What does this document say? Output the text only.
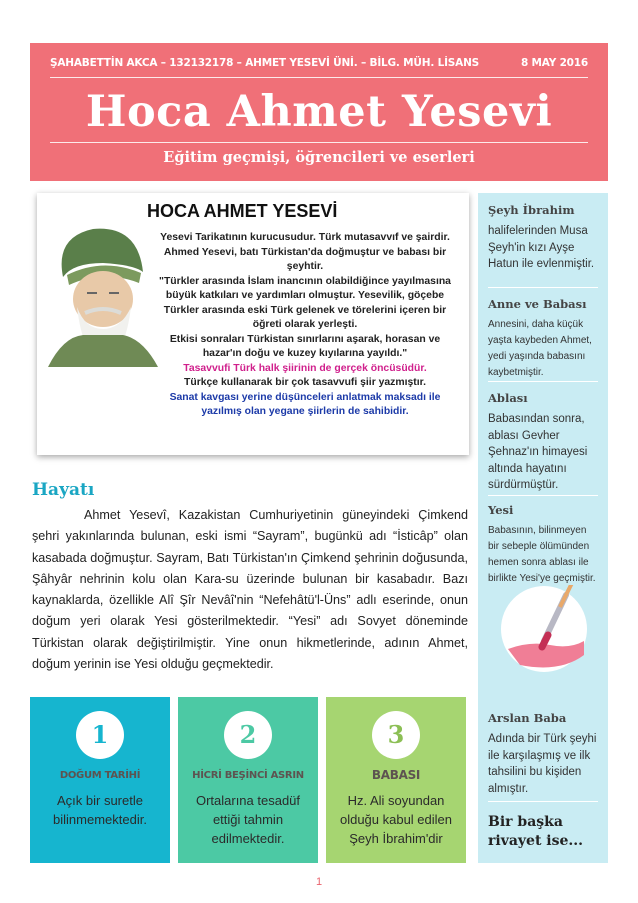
ŞAHABETTİN AKCA – 132132178 – AHMET YESEVİ ÜNİ. – BİLG. MÜH. LİSANS	8 MAY 2016
Hoca Ahmet Yesevi
Eğitim geçmişi, öğrencileri ve eserleri
HOCA AHMET YESEVİ
Yesevi Tarikatının kurucusudur. Türk mutasavvıf ve şairdir.
Ahmed Yesevi, batı Türkistan'da doğmuştur ve babası bir şeyhtir.
"Türkler arasında İslam inancının olabildiğince yayılmasına büyük katkıları ve yardımları olmuştur. Yesevilik, göçebe Türkler arasında eski Türk gelenek ve törelerini içeren bir öğreti olarak yerleşti.
Etkisi sonraları Türkistan sınırlarını aşarak, horasan ve hazar'ın doğu ve kuzey kıyılarına yayıldı."
Tasavvufi Türk halk şiirinin de gerçek öncüsüdür.
Türkçe kullanarak bir çok tasavvufi şiir yazmıştır.
Sanat kavgası yerine düşünceleri anlatmak maksadı ile yazılmış olan yegane şiirlerin de sahibidir.
Hayatı

Ahmet Yesevî, Kazakistan Cumhuriyetinin güneyindeki Çimkend şehri yakınlarında bulunan, eski ismi “Sayram”, bugünkü adı “İsticâp” olan kasabada doğmuştur. Sayram, Batı Türkistan'ın Çimkend şehrinin doğusunda, Şâhyâr nehrinin kolu olan Kara-su üzerinde bulunan bir kasabadır. Bazı kaynaklarda, özellikle Alî Şîr Nevâî'nin “Nefehâtü'l-Üns” adlı eserinde, onun doğum yeri olarak Yesi gösterilmektedir. “Yesi” adı Sovyet döneminde Türkistan olarak değiştirilmiştir. Yine onun hikmetlerinde, adının Ahmet, doğum yerinin ise Yesi olduğu geçmektedir.

Şeyh İbrahim
halifelerinden Musa Şeyh'in kızı Ayşe Hatun ile evlenmiştir.
Anne ve Babası
Annesini, daha küçük yaşta kaybeden Ahmet, yedi yaşında babasını kaybetmiştir.
Ablası
Babasından sonra, ablası Gevher Şehnaz'ın himayesi altında hayatını sürdürmüştür.
Yesi
Babasının, bilinmeyen bir sebeple ölümünden hemen sonra ablası ile birlikte Yesi'ye geçmiştir.
Arslan Baba
Adında bir Türk şeyhi ile karşılaşmış ve ilk tahsilini bu kişiden almıştır.
Bir başka rivayet ise...
1
DOĞUM TARİHİ
Açık bir suretle bilinmemektedir.
2
HİCRİ BEŞİNCİ ASRIN
Ortalarına tesadüf ettiği tahmin edilmektedir.
3
BABASI
Hz. Ali soyundan olduğu kabul edilen Şeyh İbrahim'dir
1
